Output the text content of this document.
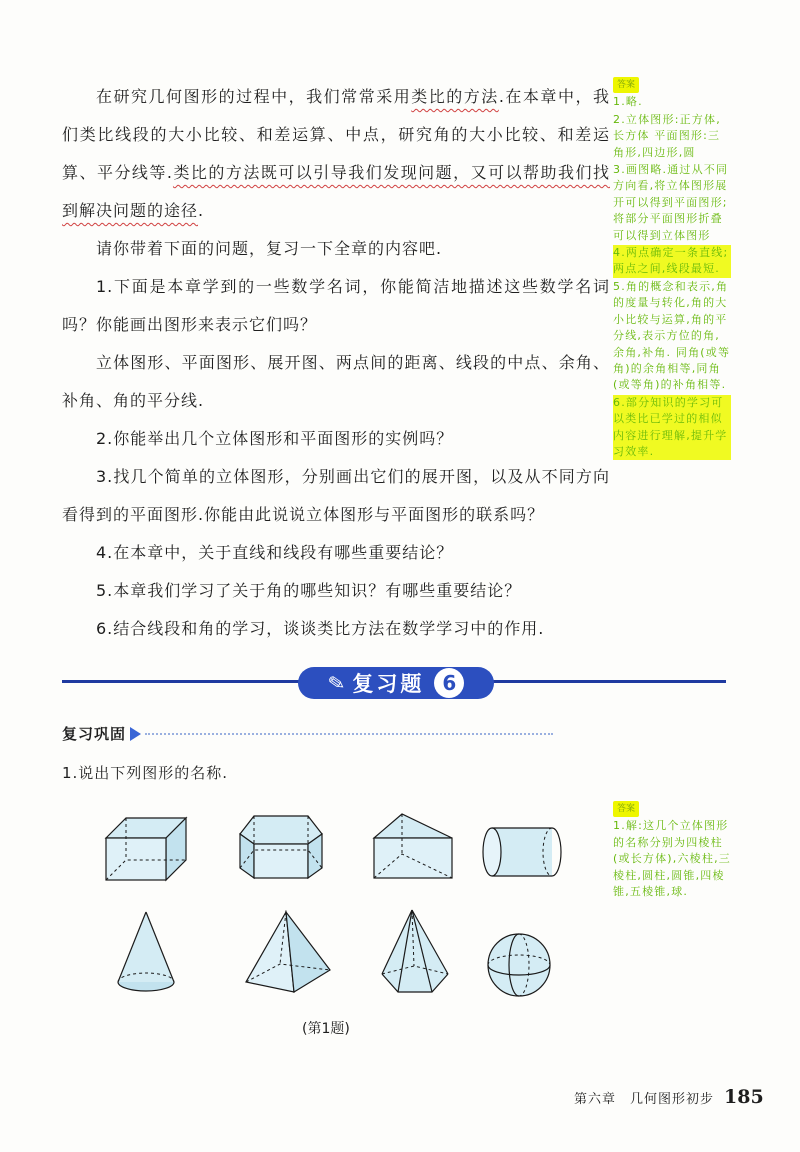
在研究几何图形的过程中，我们常常采用类比的方法.在本章中，我们类比线段的大小比较、和差运算、中点，研究角的大小比较、和差运算、平分线等.类比的方法既可以引导我们发现问题，又可以帮助我们找到解决问题的途径.

请你带着下面的问题，复习一下全章的内容吧.

1.下面是本章学到的一些数学名词，你能简洁地描述这些数学名词吗？你能画出图形来表示它们吗？

立体图形、平面图形、展开图、两点间的距离、线段的中点、余角、补角、角的平分线.

2.你能举出几个立体图形和平面图形的实例吗？

3.找几个简单的立体图形，分别画出它们的展开图，以及从不同方向看得到的平面图形.你能由此说说立体图形与平面图形的联系吗？

4.在本章中，关于直线和线段有哪些重要结论？

5.本章我们学习了关于角的哪些知识？有哪些重要结论？

6.结合线段和角的学习，谈谈类比方法在数学学习中的作用.

答案
1.略.
2.立体图形:正方体,长方体 平面图形:三角形,四边形,圆
3.画图略.通过从不同方向看,将立体图形展开可以得到平面图形;将部分平面图形折叠可以得到立体图形
4.两点确定一条直线;两点之间,线段最短.
5.角的概念和表示,角的度量与转化,角的大小比较与运算,角的平分线,表示方位的角,余角,补角. 同角(或等角)的余角相等,同角(或等角)的补角相等.
6.部分知识的学习可以类比已学过的相似内容进行理解,提升学习效率.
✎ 复习题 6
复习巩固
1.说出下列图形的名称.
(第1题)
答案
1.解:这几个立体图形的名称分别为四棱柱(或长方体),六棱柱,三棱柱,圆柱,圆锥,四棱锥,五棱锥,球.
第六章　几何图形初步 185
